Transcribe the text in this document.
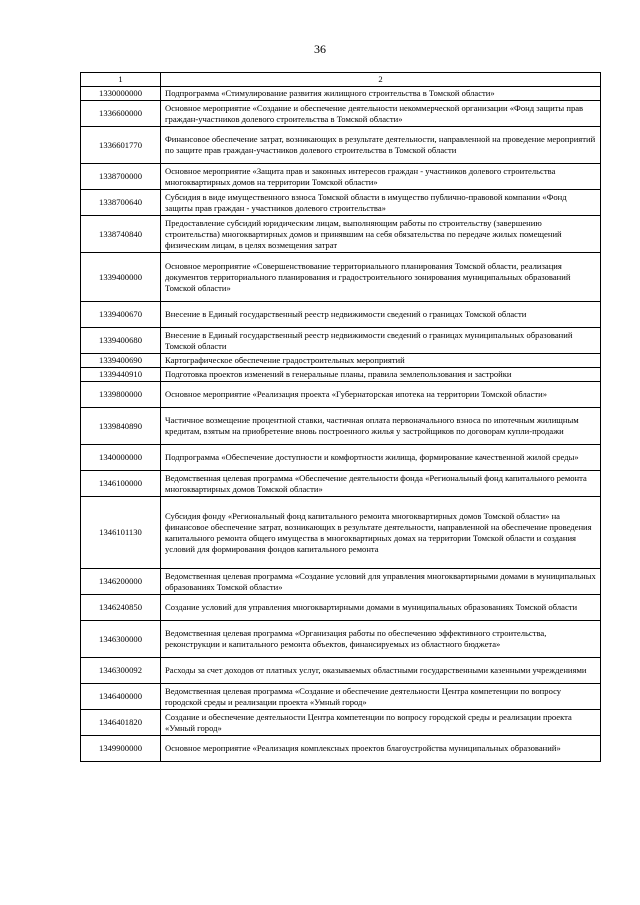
36
1	2
1330000000	Подпрограмма «Стимулирование развития жилищного строительства в Томской области»
1336600000	Основное мероприятие «Создание и обеспечение деятельности некоммерческой организации «Фонд защиты прав граждан-участников долевого строительства в Томской области»
1336601770	Финансовое обеспечение затрат, возникающих в результате деятельности, направленной на проведение мероприятий по защите прав граждан-участников долевого строительства в Томской области
1338700000	Основное мероприятие «Защита прав и законных интересов граждан - участников долевого строительства многоквартирных домов на территории Томской области»
1338700640	Субсидия в виде имущественного взноса Томской области в имущество публично-правовой компании «Фонд защиты прав граждан - участников долевого строительства»
1338740840	Предоставление субсидий юридическим лицам, выполняющим работы по строительству (завершению строительства) многоквартирных домов и принявшим на себя обязательства по передаче жилых помещений физическим лицам, в целях возмещения затрат
1339400000	Основное мероприятие «Совершенствование территориального планирования Томской области, реализация документов территориального планирования и градостроительного зонирования муниципальных образований Томской области»
1339400670	Внесение в Единый государственный реестр недвижимости сведений о границах Томской области
1339400680	Внесение в Единый государственный реестр недвижимости сведений о границах муниципальных образований Томской области
1339400690	Картографическое обеспечение градостроительных мероприятий
1339440910	Подготовка проектов изменений в генеральные планы, правила землепользования и застройки
1339800000	Основное мероприятие «Реализация проекта «Губернаторская ипотека на территории Томской области»
1339840890	Частичное возмещение процентной ставки, частичная оплата первоначального взноса по ипотечным жилищным кредитам, взятым на приобретение вновь построенного жилья у застройщиков по договорам купли-продажи
1340000000	Подпрограмма «Обеспечение доступности и комфортности жилища, формирование качественной жилой среды»
1346100000	Ведомственная целевая программа «Обеспечение деятельности фонда «Региональный фонд капитального ремонта многоквартирных домов Томской области»
1346101130	Субсидия фонду «Региональный фонд капитального ремонта многоквартирных домов Томской области» на финансовое обеспечение затрат, возникающих в результате деятельности, направленной на обеспечение проведения капитального ремонта общего имущества в многоквартирных домах на территории Томской области и создания условий для формирования фондов капитального ремонта
1346200000	Ведомственная целевая программа «Создание условий для управления многоквартирными домами в муниципальных образованиях Томской области»
1346240850	Создание условий для управления многоквартирными домами в муниципальных образованиях Томской области
1346300000	Ведомственная целевая программа «Организация работы по обеспечению эффективного строительства, реконструкции и капитального ремонта объектов, финансируемых из областного бюджета»
1346300092	Расходы за счет доходов от платных услуг, оказываемых областными государственными казенными учреждениями
1346400000	Ведомственная целевая программа «Создание и обеспечение деятельности Центра компетенции по вопросу городской среды и реализации проекта «Умный город»
1346401820	Создание и обеспечение деятельности Центра компетенции по вопросу городской среды и реализации проекта «Умный город»
1349900000	Основное мероприятие «Реализация комплексных проектов благоустройства муниципальных образований»
